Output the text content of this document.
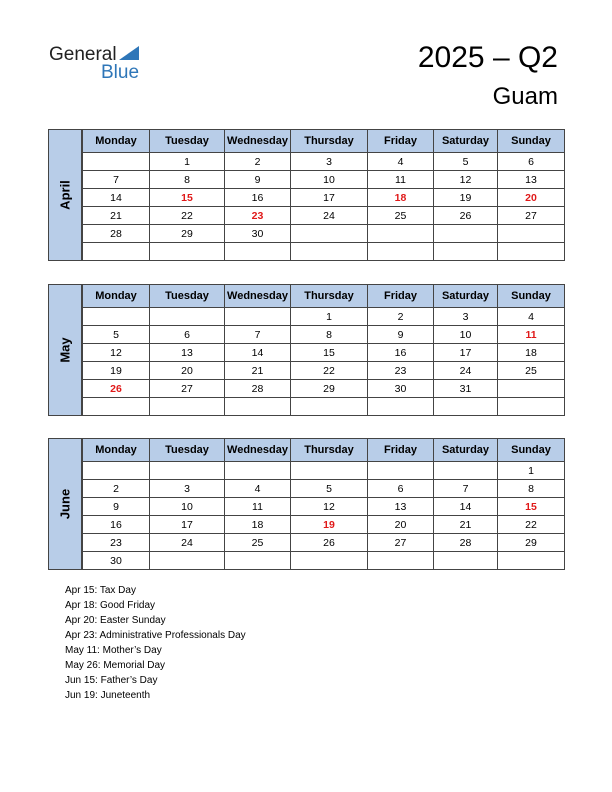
General
Blue	2025 – Q2
Guam
Monday	Tuesday	Wednesday	Thursday	Friday	Saturday	Sunday
	1	2	3	4	5	6
7	8	9	10	11	12	13
14	15	16	17	18	19	20
21	22	23	24	25	26	27
28	29	30				

April
Monday	Tuesday	Wednesday	Thursday	Friday	Saturday	Sunday
			1	2	3	4
5	6	7	8	9	10	11
12	13	14	15	16	17	18
19	20	21	22	23	24	25
26	27	28	29	30	31	

May
Monday	Tuesday	Wednesday	Thursday	Friday	Saturday	Sunday
						1
2	3	4	5	6	7	8
9	10	11	12	13	14	15
16	17	18	19	20	21	22
23	24	25	26	27	28	29
30						
June
Apr 15: Tax Day
Apr 18: Good Friday
Apr 20: Easter Sunday
Apr 23: Administrative Professionals Day
May 11: Mother’s Day
May 26: Memorial Day
Jun 15: Father’s Day
Jun 19: Juneteenth
